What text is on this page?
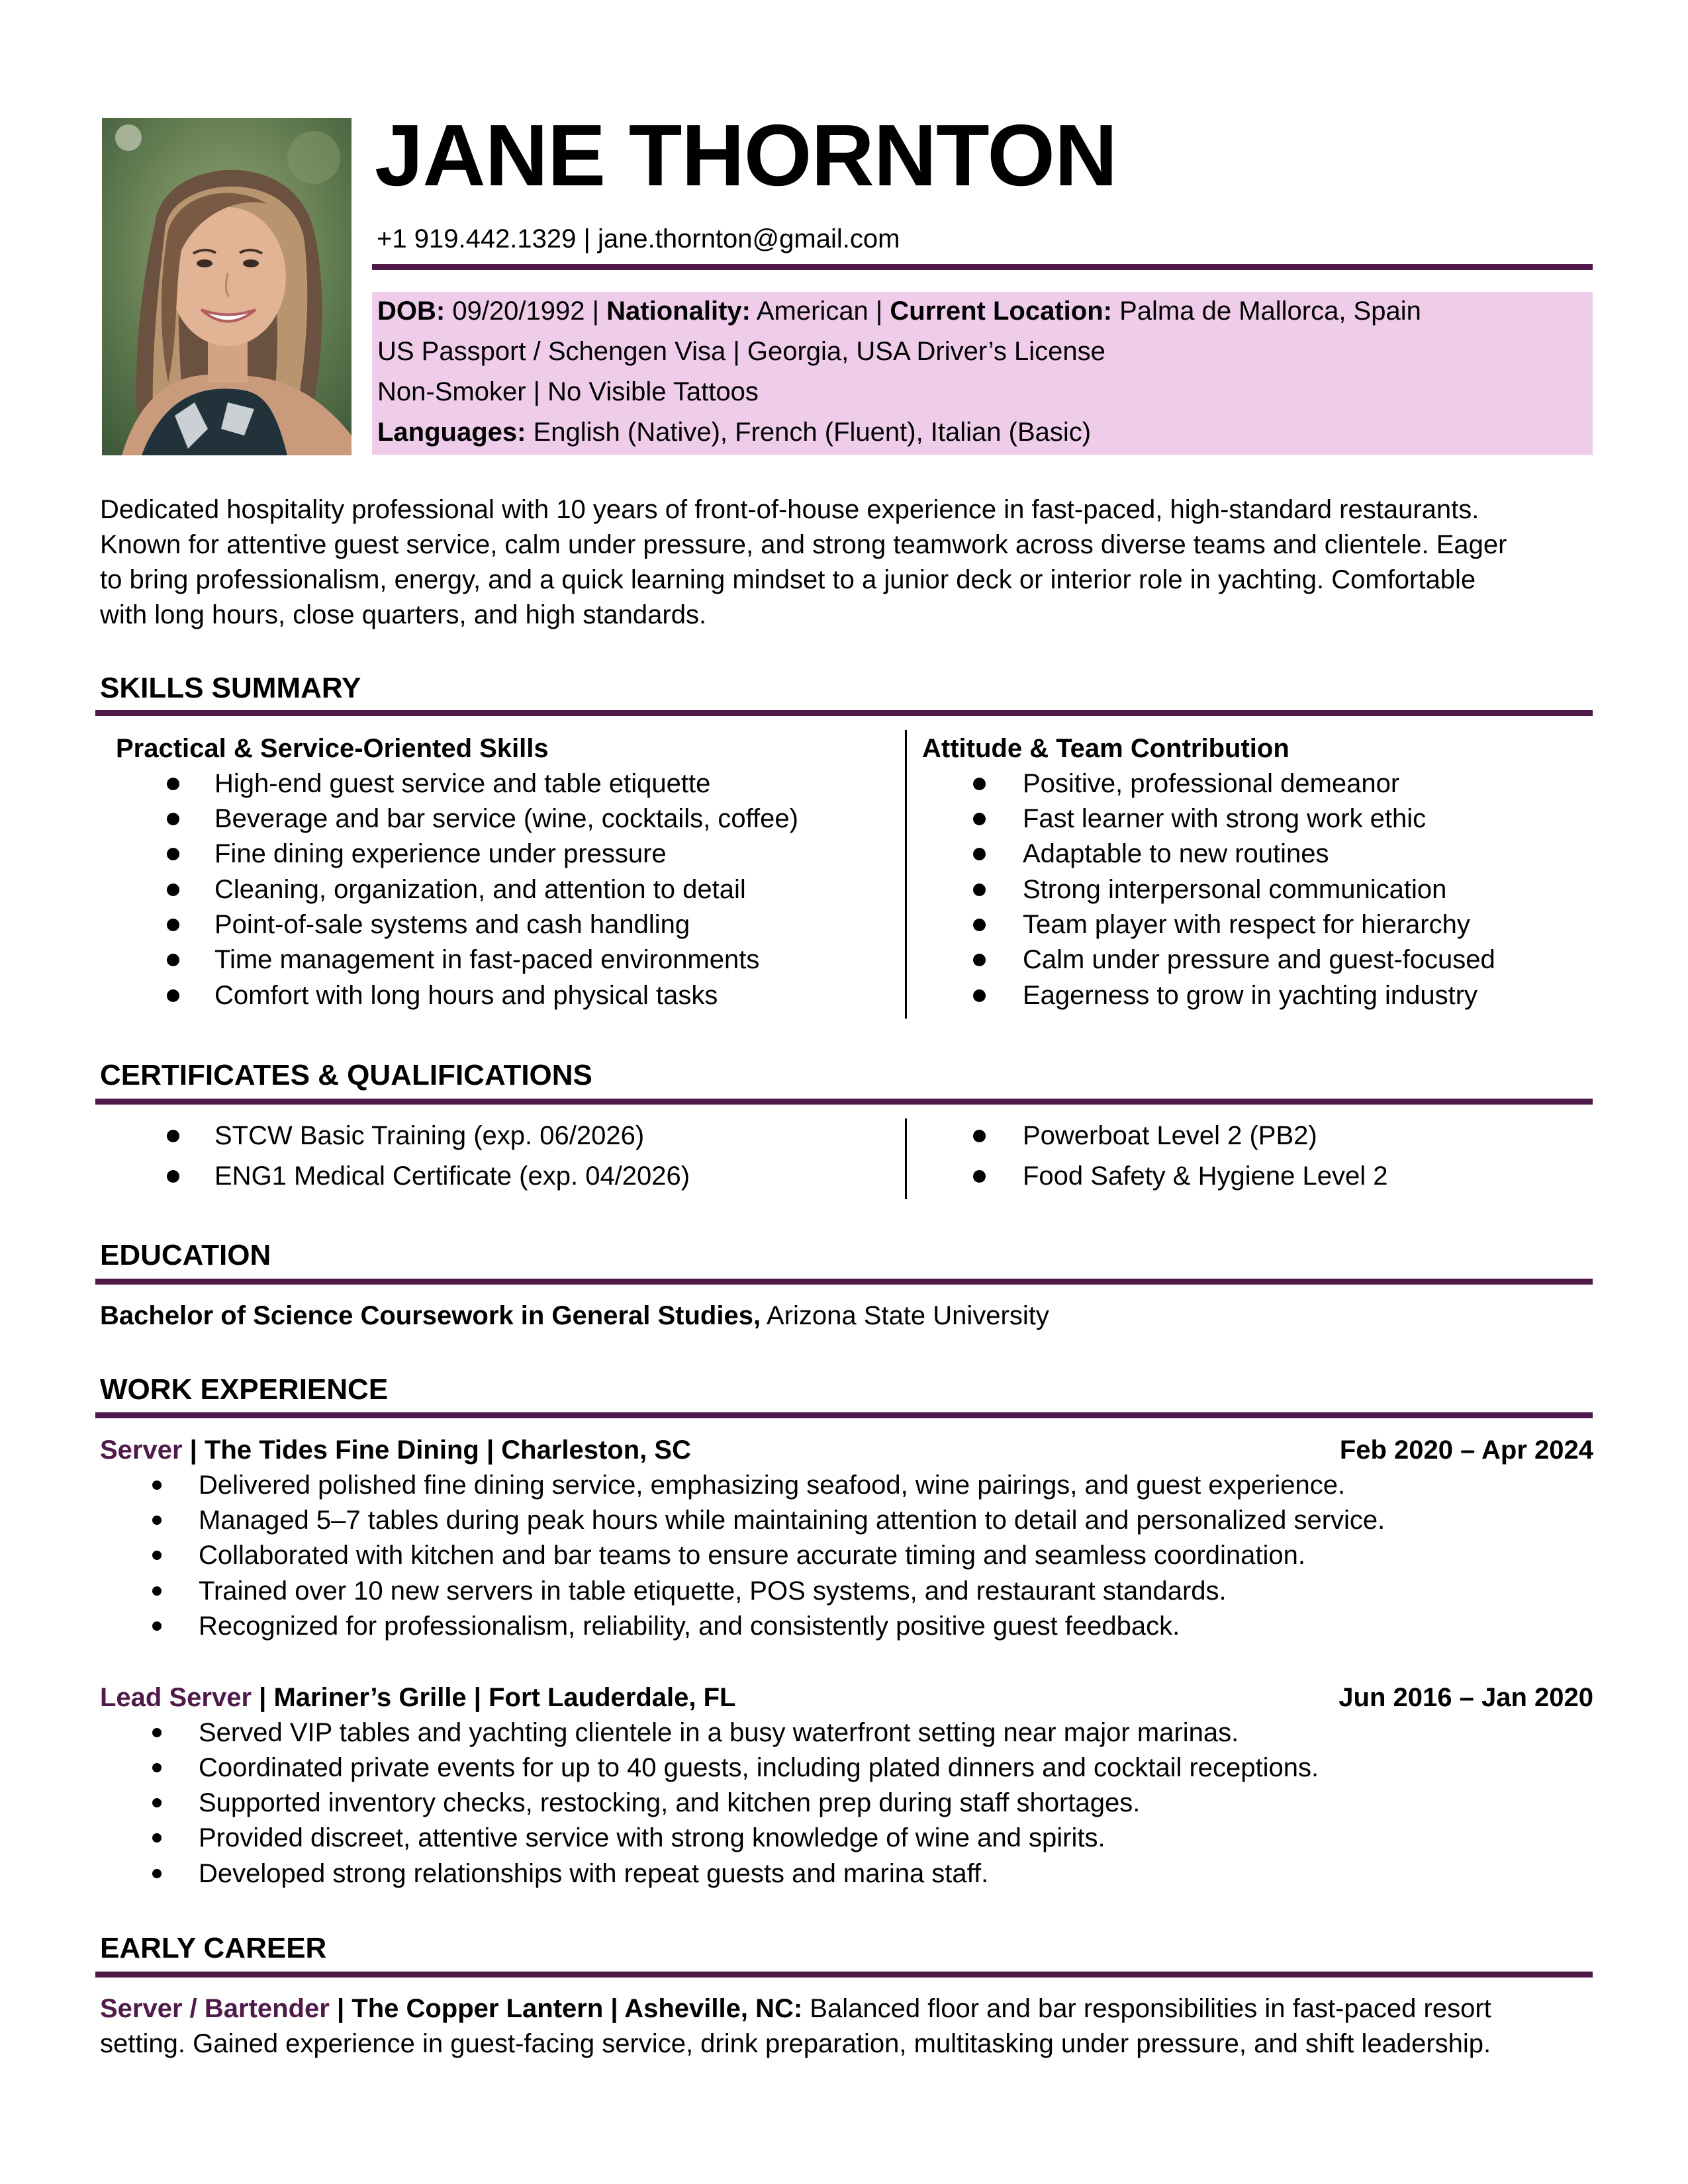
JANE THORNTON
+1 919.442.1329 | jane.thornton@gmail.com
DOB: 09/20/1992 | Nationality: American | Current Location: Palma de Mallorca, Spain
US Passport / Schengen Visa | Georgia, USA Driver’s License
Non-Smoker | No Visible Tattoos
Languages: English (Native), French (Fluent), Italian (Basic)
Dedicated hospitality professional with 10 years of front-of-house experience in fast-paced, high-standard restaurants.
Known for attentive guest service, calm under pressure, and strong teamwork across diverse teams and clientele. Eager
to bring professionalism, energy, and a quick learning mindset to a junior deck or interior role in yachting. Comfortable
with long hours, close quarters, and high standards.
SKILLS SUMMARY
Practical & Service-Oriented Skills
High-end guest service and table etiquette
Beverage and bar service (wine, cocktails, coffee)
Fine dining experience under pressure
Cleaning, organization, and attention to detail
Point-of-sale systems and cash handling
Time management in fast-paced environments
Comfort with long hours and physical tasks
Attitude & Team Contribution
Positive, professional demeanor
Fast learner with strong work ethic
Adaptable to new routines
Strong interpersonal communication
Team player with respect for hierarchy
Calm under pressure and guest-focused
Eagerness to grow in yachting industry
CERTIFICATES & QUALIFICATIONS
STCW Basic Training (exp. 06/2026)
ENG1 Medical Certificate (exp. 04/2026)
Powerboat Level 2 (PB2)
Food Safety & Hygiene Level 2
EDUCATION
Bachelor of Science Coursework in General Studies, Arizona State University
WORK EXPERIENCE
Server | The Tides Fine Dining | Charleston, SC	Feb 2020 – Apr 2024
Delivered polished fine dining service, emphasizing seafood, wine pairings, and guest experience.
Managed 5–7 tables during peak hours while maintaining attention to detail and personalized service.
Collaborated with kitchen and bar teams to ensure accurate timing and seamless coordination.
Trained over 10 new servers in table etiquette, POS systems, and restaurant standards.
Recognized for professionalism, reliability, and consistently positive guest feedback.
Lead Server | Mariner’s Grille | Fort Lauderdale, FL	Jun 2016 – Jan 2020
Served VIP tables and yachting clientele in a busy waterfront setting near major marinas.
Coordinated private events for up to 40 guests, including plated dinners and cocktail receptions.
Supported inventory checks, restocking, and kitchen prep during staff shortages.
Provided discreet, attentive service with strong knowledge of wine and spirits.
Developed strong relationships with repeat guests and marina staff.
EARLY CAREER
Server / Bartender | The Copper Lantern | Asheville, NC: Balanced floor and bar responsibilities in fast-paced resort
setting. Gained experience in guest-facing service, drink preparation, multitasking under pressure, and shift leadership.
